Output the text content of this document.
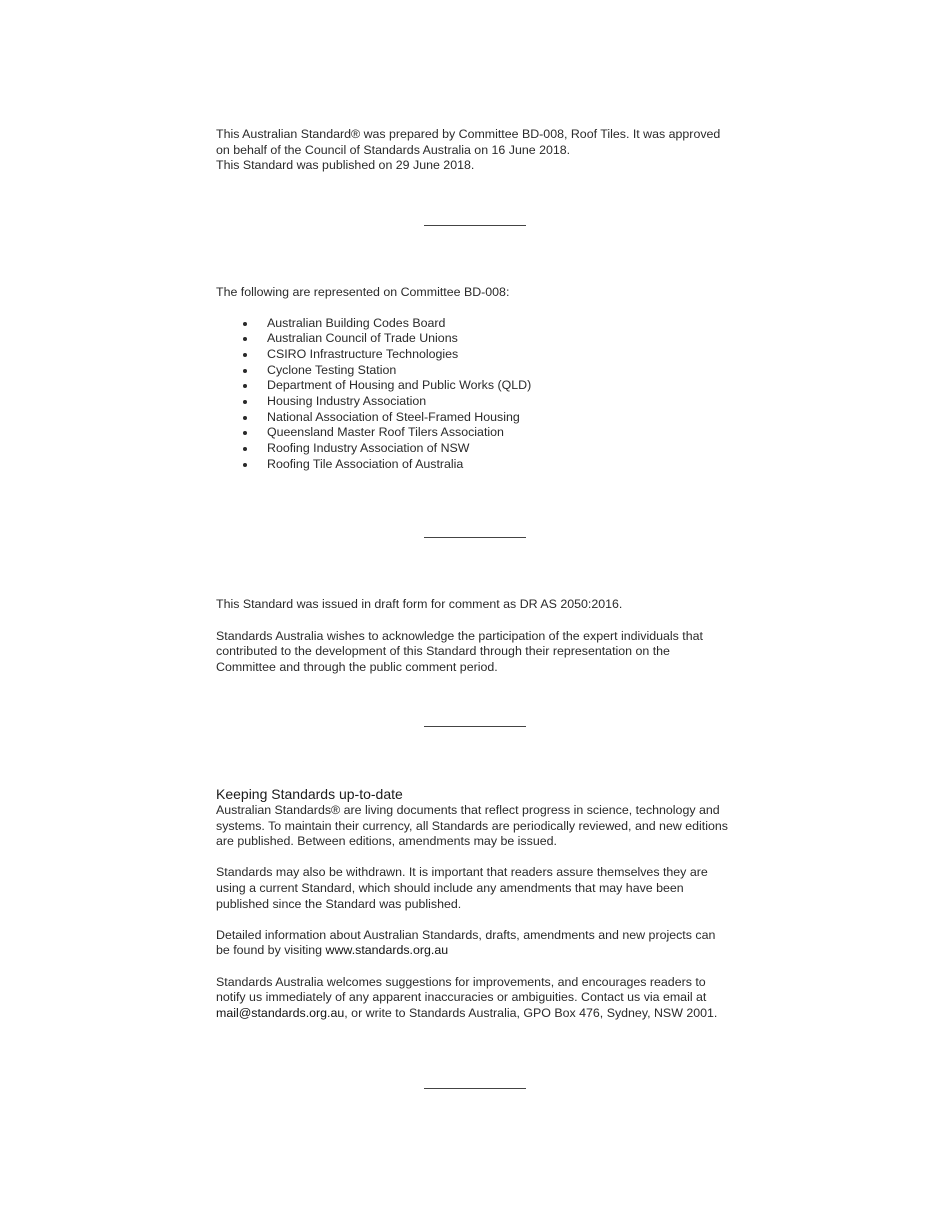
This Australian Standard® was prepared by Committee BD-008, Roof Tiles. It was approved

on behalf of the Council of Standards Australia on 16 June 2018.

This Standard was published on 29 June 2018.

The following are represented on Committee BD-008:

Australian Building Codes Board
Australian Council of Trade Unions
CSIRO Infrastructure Technologies
Cyclone Testing Station
Department of Housing and Public Works (QLD)
Housing Industry Association
National Association of Steel-Framed Housing
Queensland Master Roof Tilers Association
Roofing Industry Association of NSW
Roofing Tile Association of Australia

This Standard was issued in draft form for comment as DR AS 2050:2016.

Standards Australia wishes to acknowledge the participation of the expert individuals that

contributed to the development of this Standard through their representation on the

Committee and through the public comment period.

Keeping Standards up-to-date

Australian Standards® are living documents that reflect progress in science, technology and

systems. To maintain their currency, all Standards are periodically reviewed, and new editions

are published. Between editions, amendments may be issued.

Standards may also be withdrawn. It is important that readers assure themselves they are

using a current Standard, which should include any amendments that may have been

published since the Standard was published.

Detailed information about Australian Standards, drafts, amendments and new projects can

be found by visiting www.standards.org.au

Standards Australia welcomes suggestions for improvements, and encourages readers to

notify us immediately of any apparent inaccuracies or ambiguities. Contact us via email at

mail@standards.org.au, or write to Standards Australia, GPO Box 476, Sydney, NSW 2001.
